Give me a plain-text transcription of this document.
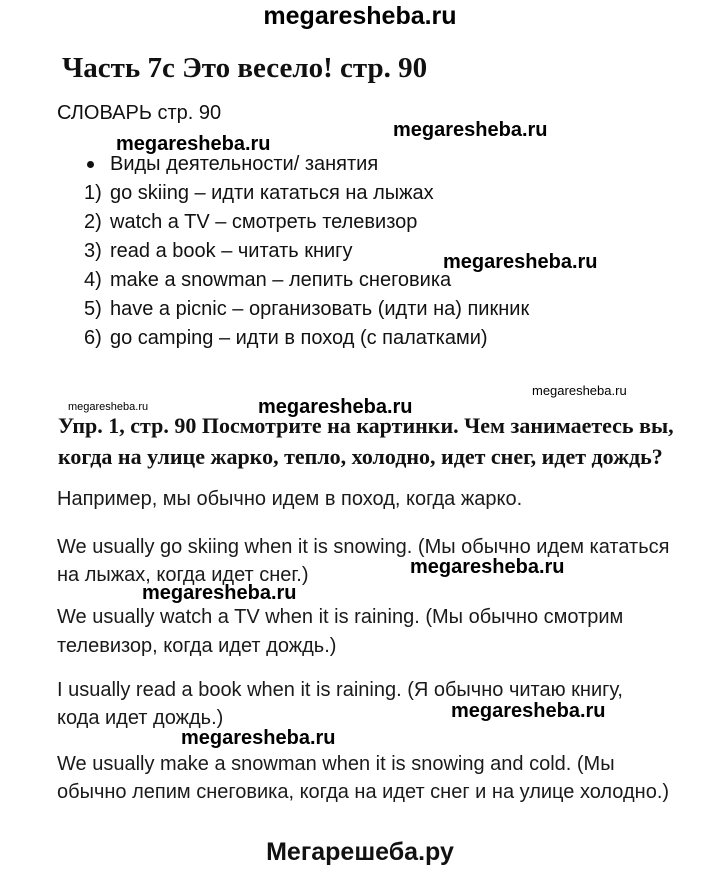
megaresheba.ru
megaresheba.ru
megaresheba.ru
megaresheba.ru
megaresheba.ru
megaresheba.ru	megaresheba.ru
megaresheba.ru
megaresheba.ru
megaresheba.ru
megaresheba.ru
Часть 7c Это весело! стр. 90
СЛОВАРЬ стр. 90
Виды деятельности/ занятия
1) go skiing – идти кататься на лыжах
2) watch a TV – смотреть телевизор
3) read a book – читать книгу
4) make a snowman – лепить снеговика
5) have a picnic – организовать (идти на) пикник
6) go camping – идти в поход (с палатками)
Упр. 1, стр. 90 Посмотрите на картинки. Чем занимаетесь вы,
когда на улице жарко, тепло, холодно, идет снег, идет дождь?
Например, мы обычно идем в поход, когда жарко.
We usually go skiing when it is snowing. (Мы обычно идем кататься
на лыжах, когда идет снег.)
We usually watch a TV when it is raining. (Мы обычно смотрим
телевизор, когда идет дождь.)
I usually read a book when it is raining. (Я обычно читаю книгу,
кода идет дождь.)
We usually make a snowman when it is snowing and cold. (Мы
обычно лепим снеговика, когда на идет снег и на улице холодно.)
Мегарешеба.ру
